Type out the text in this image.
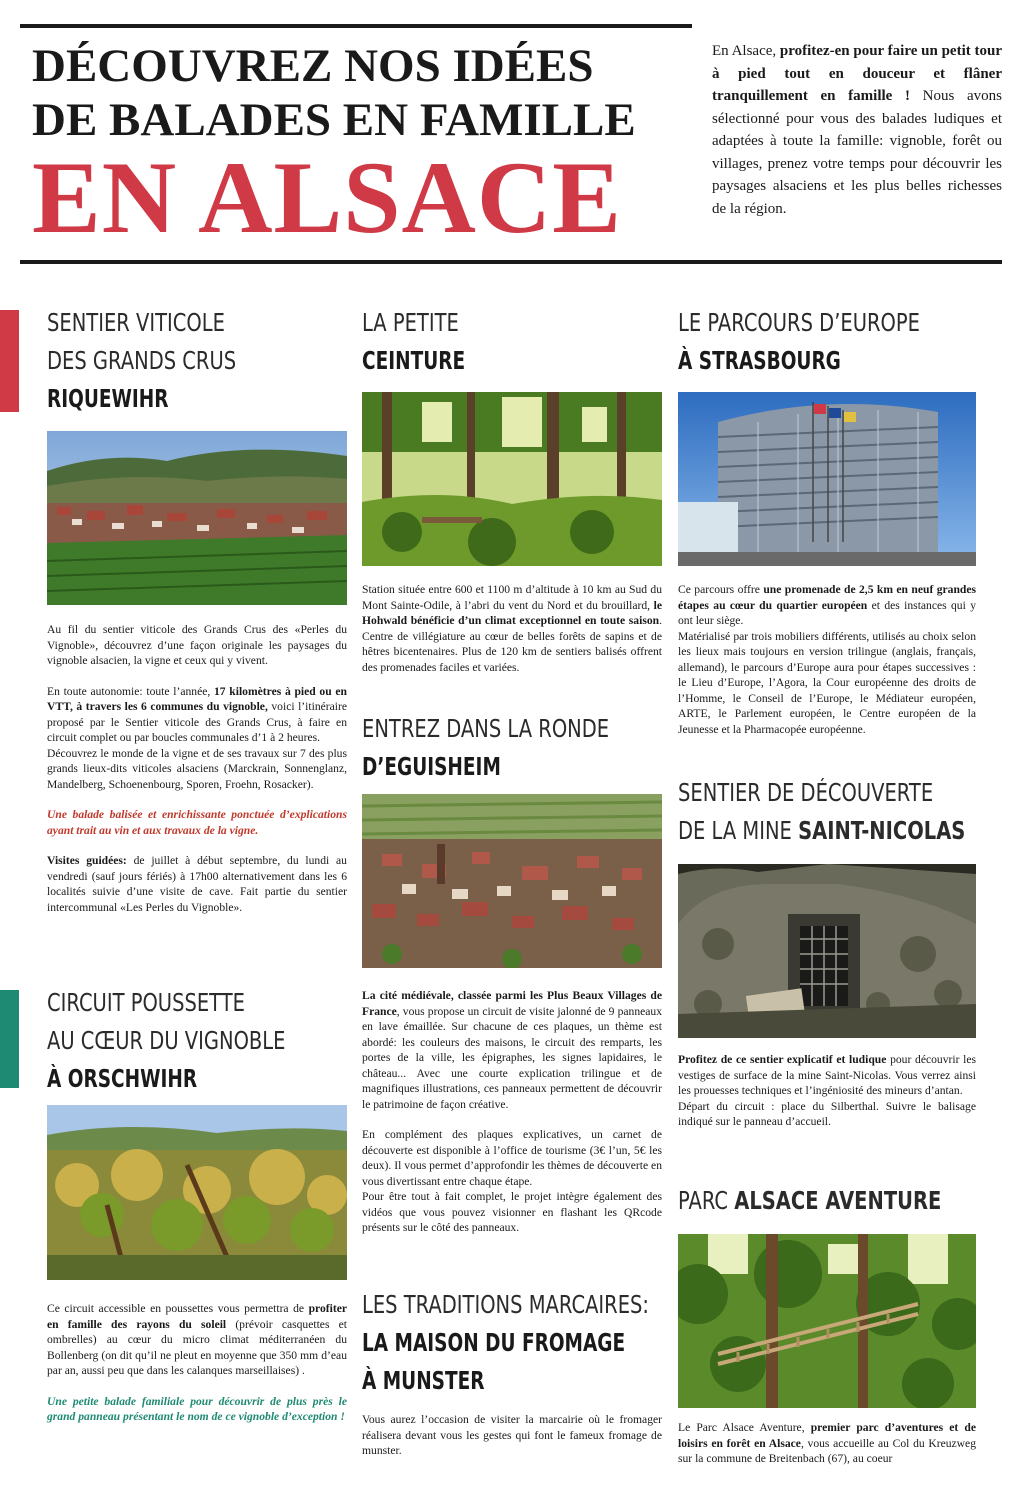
DÉCOUVREZ NOS IDÉES
DE BALADES EN FAMILLE
EN ALSACE
En Alsace, profitez-en pour faire un petit tour à pied tout en douceur et flâner tranquillement en famille ! Nous avons sélectionné pour vous des balades ludiques et adaptées à toute la famille: vignoble, forêt ou villages, prenez votre temps pour découvrir les paysages alsaciens et les plus belles richesses de la région.
SENTIER VITICOLE
DES GRANDS CRUS
RIQUEWIHR

Au fil du sentier viticole des Grands Crus des «Perles du Vignoble», découvrez d’une façon originale les paysages du vignoble alsacien, la vigne et ceux qui y vivent.

En toute autonomie: toute l’année, 17 kilomètres à pied ou en VTT, à travers les 6 communes du vignoble, voici l’itinéraire proposé par le Sentier viticole des Grands Crus, à faire en circuit complet ou par boucles communales d’1 à 2 heures.

Découvrez le monde de la vigne et de ses travaux sur 7 des plus grands lieux-dits viticoles alsaciens (Marckrain, Sonnenglanz, Mandelberg, Schoenenbourg, Sporen, Froehn, Rosacker).

Une balade balisée et enrichissante ponctuée d’explications ayant trait au vin et aux travaux de la vigne.

Visites guidées: de juillet à début septembre, du lundi au vendredi (sauf jours fériés) à 17h00 alternativement dans les 6 localités suivie d’une visite de cave. Fait partie du sentier intercommunal «Les Perles du Vignoble».

CIRCUIT POUSSETTE
AU CŒUR DU VIGNOBLE
À ORSCHWIHR

Ce circuit accessible en poussettes vous permettra de profiter en famille des rayons du soleil (prévoir casquettes et ombrelles) au cœur du micro climat méditerranéen du Bollenberg (on dit qu’il ne pleut en moyenne que 350 mm d’eau par an, aussi peu que dans les calanques marseillaises) .

Une petite balade familiale pour découvrir de plus près le grand panneau présentant le nom de ce vignoble d’exception !

LA PETITE
CEINTURE

Station située entre 600 et 1100 m d’altitude à 10 km au Sud du Mont Sainte-Odile, à l’abri du vent du Nord et du brouillard, le Hohwald bénéficie d’un climat exceptionnel en toute saison. Centre de villégiature au cœur de belles forêts de sapins et de hêtres bicentenaires. Plus de 120 km de sentiers balisés offrent des promenades faciles et variées.

ENTREZ DANS LA RONDE
D’EGUISHEIM

La cité médiévale, classée parmi les Plus Beaux Villages de France, vous propose un circuit de visite jalonné de 9 panneaux en lave émaillée. Sur chacune de ces plaques, un thème est abordé: les couleurs des maisons, le circuit des remparts, les portes de la ville, les épigraphes, les signes lapidaires, le château... Avec une courte explication trilingue et de magnifiques illustrations, ces panneaux permettent de découvrir le patrimoine de façon créative.

En complément des plaques explicatives, un carnet de découverte est disponible à l’office de tourisme (3€ l’un, 5€ les deux). Il vous permet d’approfondir les thèmes de découverte en vous divertissant entre chaque étape.

Pour être tout à fait complet, le projet intègre également des vidéos que vous pouvez visionner en flashant les QRcode présents sur le côté des panneaux.

LES TRADITIONS MARCAIRES:
LA MAISON DU FROMAGE
À MUNSTER

Vous aurez l’occasion de visiter la marcairie où le fromager réalisera devant vous les gestes qui font le fameux fromage de munster.

LE PARCOURS D’EUROPE
À STRASBOURG

Ce parcours offre une promenade de 2,5 km en neuf grandes étapes au cœur du quartier européen et des instances qui y ont leur siège.

Matérialisé par trois mobiliers différents, utilisés au choix selon les lieux mais toujours en version trilingue (anglais, français, allemand), le parcours d’Europe aura pour étapes successives : le Lieu d’Europe, l’Agora, la Cour européenne des droits de l’Homme, le Conseil de l’Europe, le Médiateur européen, ARTE, le Parlement européen, le Centre européen de la Jeunesse et la Pharmacopée européenne.

SENTIER DE DÉCOUVERTE
DE LA MINE SAINT-NICOLAS

Profitez de ce sentier explicatif et ludique pour découvrir les vestiges de surface de la mine Saint-Nicolas. Vous verrez ainsi les prouesses techniques et l’ingéniosité des mineurs d’antan.

Départ du circuit : place du Silberthal. Suivre le balisage indiqué sur le panneau d’accueil.

PARC ALSACE AVENTURE

Le Parc Alsace Aventure, premier parc d’aventures et de loisirs en forêt en Alsace, vous accueille au Col du Kreuzweg sur la commune de Breitenbach (67), au coeur
